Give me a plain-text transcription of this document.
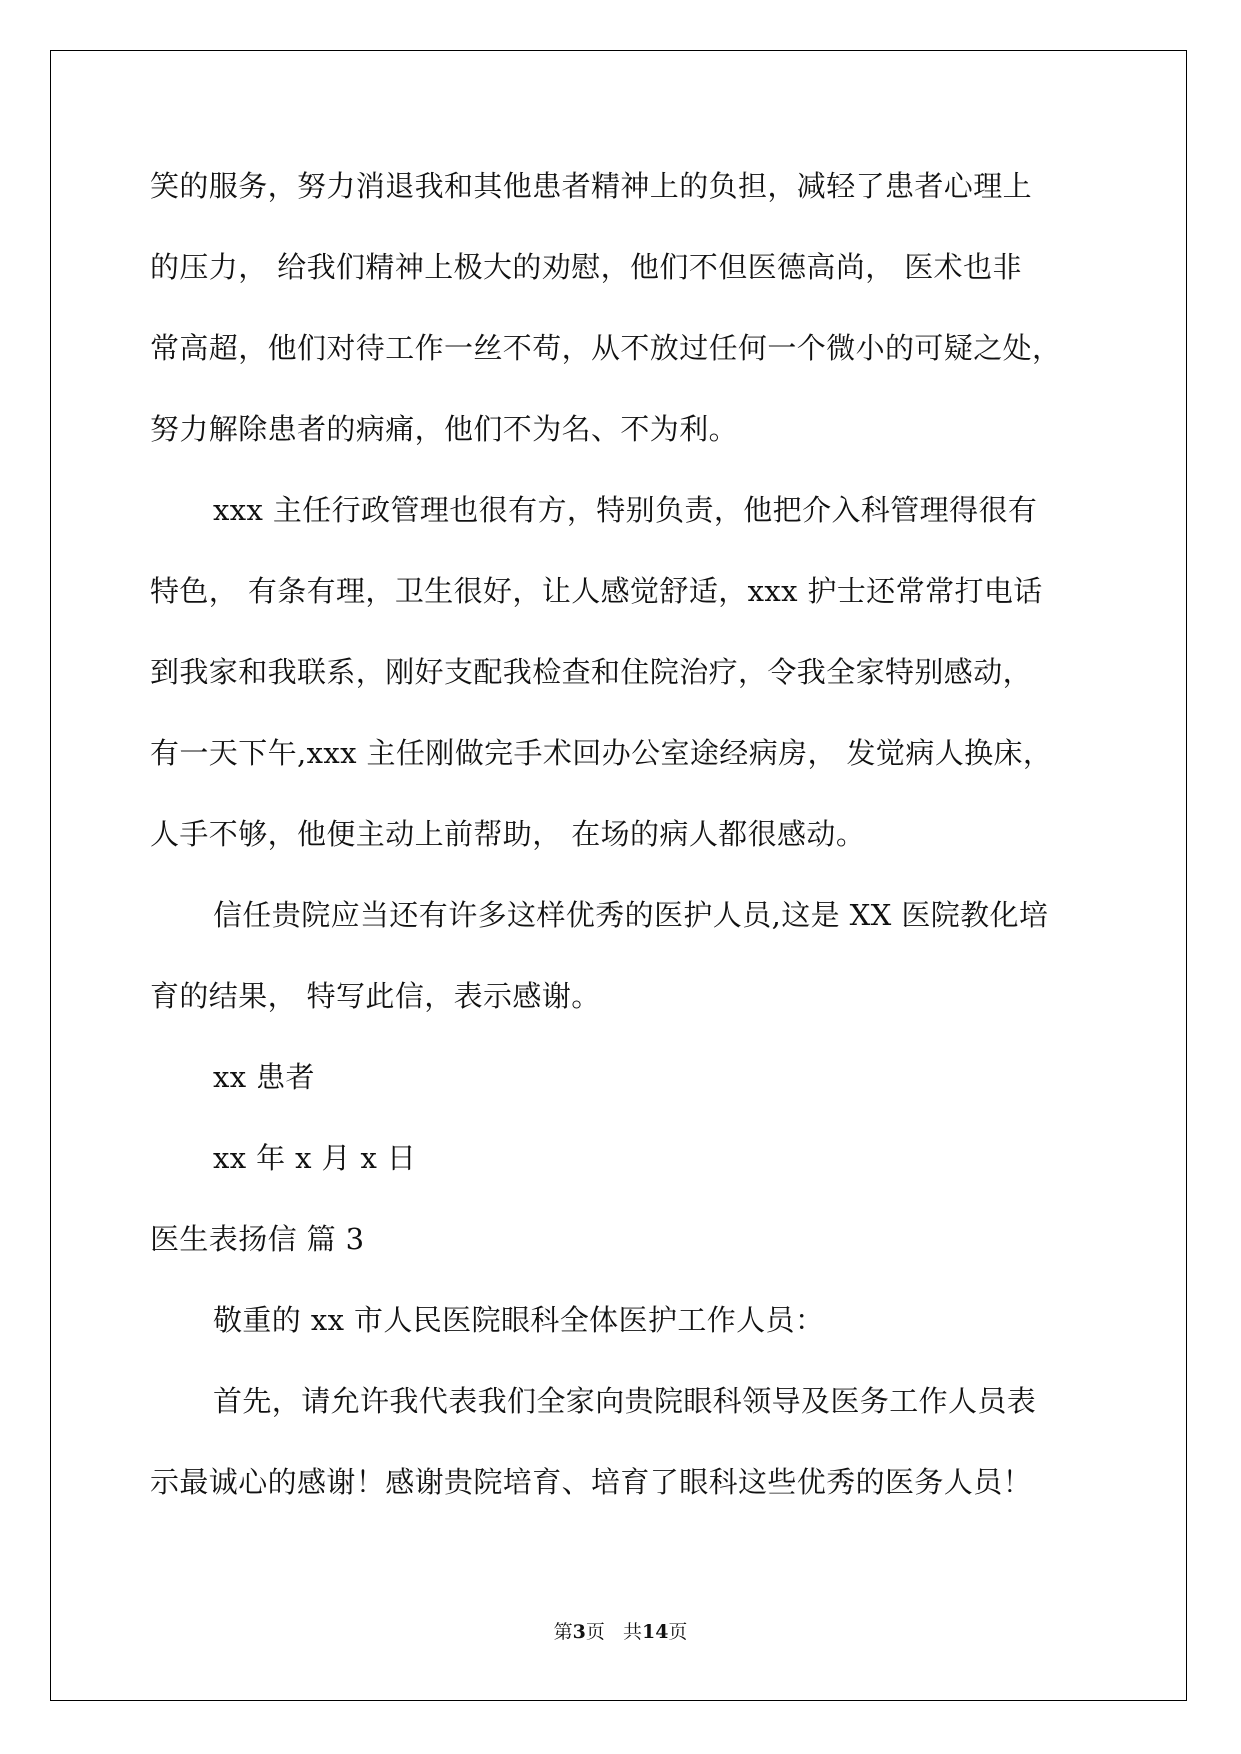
笑的服务，努力消退我和其他患者精神上的负担，减轻了患者心理上
的压力， 给我们精神上极大的劝慰，他们不但医德高尚， 医术也非
常高超，他们对待工作一丝不苟，从不放过任何一个微小的可疑之处，
努力解除患者的病痛，他们不为名、不为利。
xxx 主任行政管理也很有方，特别负责，他把介入科管理得很有
特色， 有条有理，卫生很好，让人感觉舒适，xxx 护士还常常打电话
到我家和我联系，刚好支配我检查和住院治疗，令我全家特别感动，
有一天下午,xxx 主任刚做完手术回办公室途经病房， 发觉病人换床，
人手不够，他便主动上前帮助， 在场的病人都很感动。
信任贵院应当还有许多这样优秀的医护人员,这是 XX 医院教化培
育的结果， 特写此信，表示感谢。
xx 患者
xx 年 x 月 x 日
医生表扬信 篇 3
敬重的 xx 市人民医院眼科全体医护工作人员：
首先，请允许我代表我们全家向贵院眼科领导及医务工作人员表
示最诚心的感谢！感谢贵院培育、培育了眼科这些优秀的医务人员！
第3页 共14页
